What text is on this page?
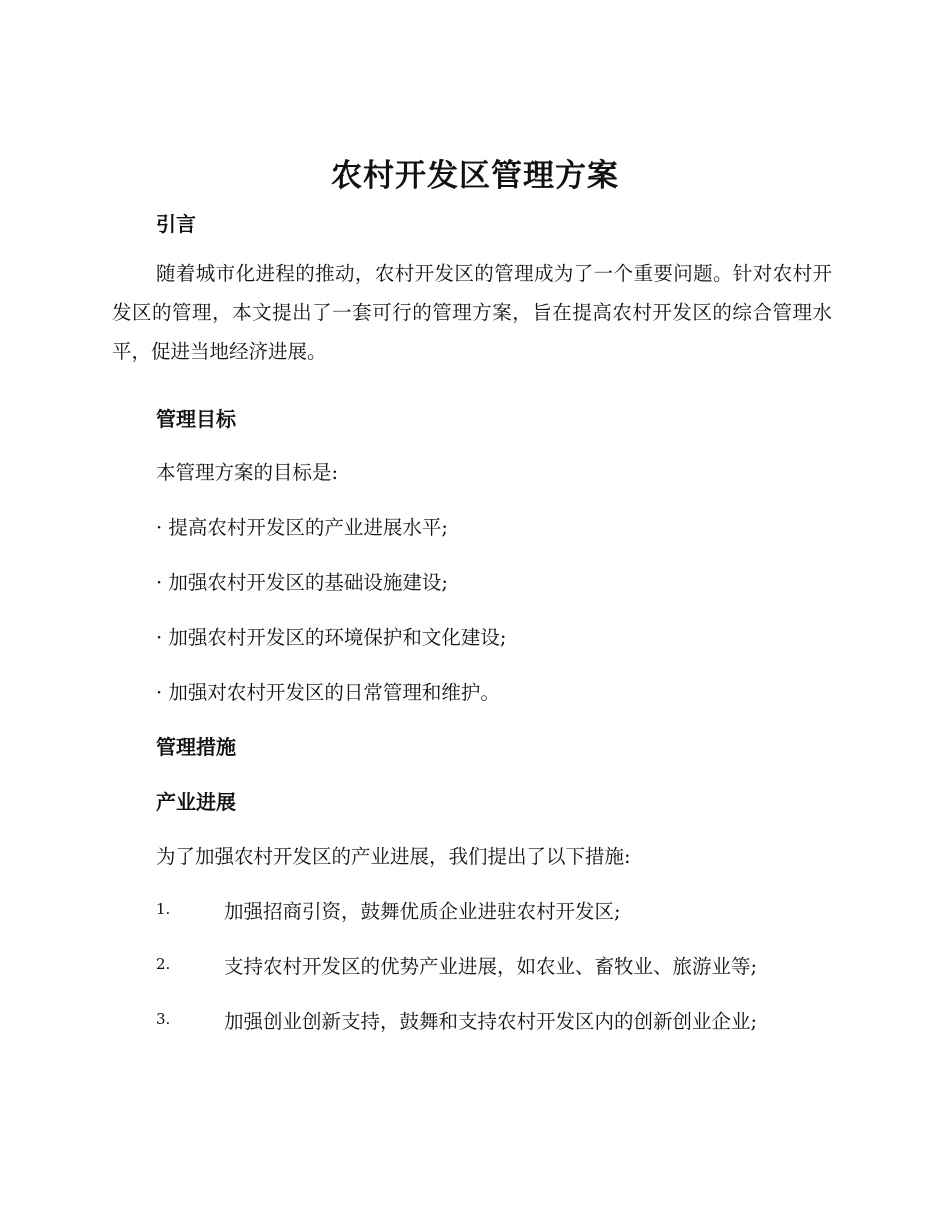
农村开发区管理方案
引言
随着城市化进程的推动，农村开发区的管理成为了一个重要问题。针对农村开发区的管理，本文提出了一套可行的管理方案，旨在提高农村开发区的综合管理水平，促进当地经济进展。
管理目标
本管理方案的目标是:
· 提高农村开发区的产业进展水平;
· 加强农村开发区的基础设施建设;
· 加强农村开发区的环境保护和文化建设;
· 加强对农村开发区的日常管理和维护。
管理措施
产业进展
为了加强农村开发区的产业进展，我们提出了以下措施:
1.	加强招商引资，鼓舞优质企业进驻农村开发区;
2.	支持农村开发区的优势产业进展，如农业、畜牧业、旅游业等;
3.	加强创业创新支持，鼓舞和支持农村开发区内的创新创业企业;
